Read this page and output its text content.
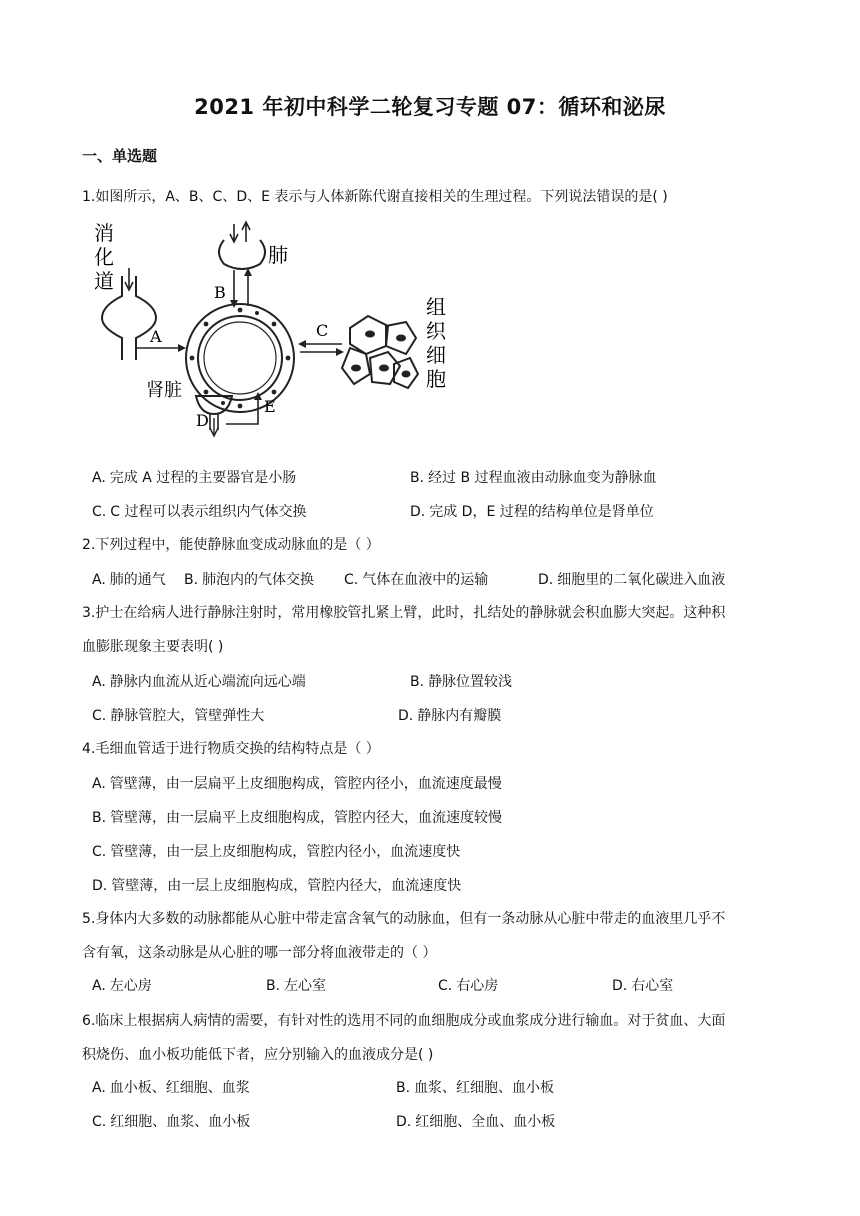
2021 年初中科学二轮复习专题 07：循环和泌尿
一、单选题
1.如图所示，A、B、C、D、E 表示与人体新陈代谢直接相关的生理过程。下列说法错误的是( )
消
化
道
A
肺
B
C
组
织
细
胞
肾脏
D
E
A. 完成 A 过程的主要器官是小肠	B. 经过 B 过程血液由动脉血变为静脉血
C. C 过程可以表示组织内气体交换	D. 完成 D，E 过程的结构单位是肾单位
2.下列过程中，能使静脉血变成动脉血的是（ ）
A. 肺的通气 B. 肺泡内的气体交换 C. 气体在血液中的运输	D. 细胞里的二氧化碳进入血液
3.护士在给病人进行静脉注射时，常用橡胶管扎紧上臂，此时，扎结处的静脉就会积血膨大突起。这种积
血膨胀现象主要表明( )
A. 静脉内血流从近心端流向远心端	B. 静脉位置较浅
C. 静脉管腔大，管壁弹性大	D. 静脉内有瓣膜
4.毛细血管适于进行物质交换的结构特点是（ ）
A. 管壁薄，由一层扁平上皮细胞构成，管腔内径小，血流速度最慢
B. 管壁薄，由一层扁平上皮细胞构成，管腔内径大，血流速度较慢
C. 管壁薄，由一层上皮细胞构成，管腔内径小，血流速度快
D. 管壁薄，由一层上皮细胞构成，管腔内径大，血流速度快
5.身体内大多数的动脉都能从心脏中带走富含氧气的动脉血，但有一条动脉从心脏中带走的血液里几乎不
含有氧，这条动脉是从心脏的哪一部分将血液带走的（ ）
A. 左心房	B. 左心室	C. 右心房	D. 右心室
6.临床上根据病人病情的需要，有针对性的选用不同的血细胞成分或血浆成分进行输血。对于贫血、大面
积烧伤、血小板功能低下者，应分别输入的血液成分是( )
A. 血小板、红细胞、血浆	B. 血浆、红细胞、血小板
C. 红细胞、血浆、血小板	D. 红细胞、全血、血小板
